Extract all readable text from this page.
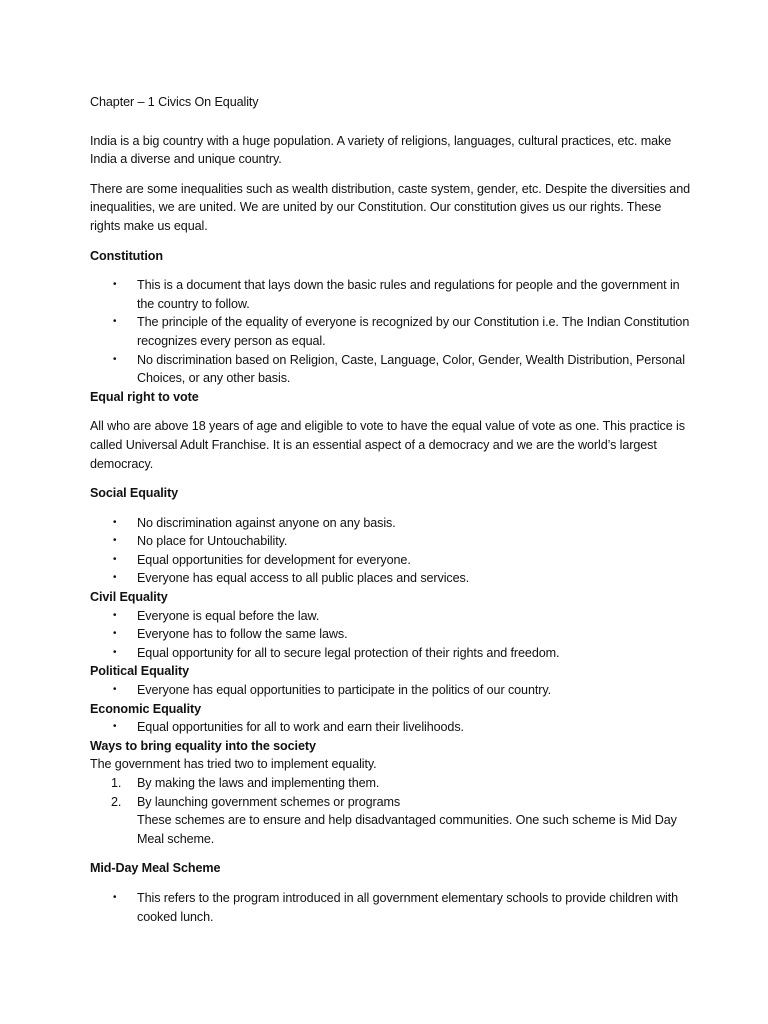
Chapter – 1 Civics On Equality

India is a big country with a huge population. A variety of religions, languages, cultural practices, etc. make India a diverse and unique country.

There are some inequalities such as wealth distribution, caste system, gender, etc. Despite the diversities and inequalities, we are united. We are united by our Constitution. Our constitution gives us our rights. These rights make us equal.

Constitution

• This is a document that lays down the basic rules and regulations for people and the government in the country to follow.
• The principle of the equality of everyone is recognized by our Constitution i.e. The Indian Constitution recognizes every person as equal.
• No discrimination based on Religion, Caste, Language, Color, Gender, Wealth Distribution, Personal Choices, or any other basis.

Equal right to vote

All who are above 18 years of age and eligible to vote to have the equal value of vote as one. This practice is called Universal Adult Franchise. It is an essential aspect of a democracy and we are the world’s largest democracy.

Social Equality

• No discrimination against anyone on any basis.
• No place for Untouchability.
• Equal opportunities for development for everyone.
• Everyone has equal access to all public places and services.

Civil Equality

• Everyone is equal before the law.
• Everyone has to follow the same laws.
• Equal opportunity for all to secure legal protection of their rights and freedom.

Political Equality

• Everyone has equal opportunities to participate in the politics of our country.

Economic Equality

• Equal opportunities for all to work and earn their livelihoods.

Ways to bring equality into the society

The government has tried two to implement equality.

1. By making the laws and implementing them.
2. By launching government schemes or programs
These schemes are to ensure and help disadvantaged communities. One such scheme is Mid Day Meal scheme.

Mid-Day Meal Scheme

• This refers to the program introduced in all government elementary schools to provide children with cooked lunch.
